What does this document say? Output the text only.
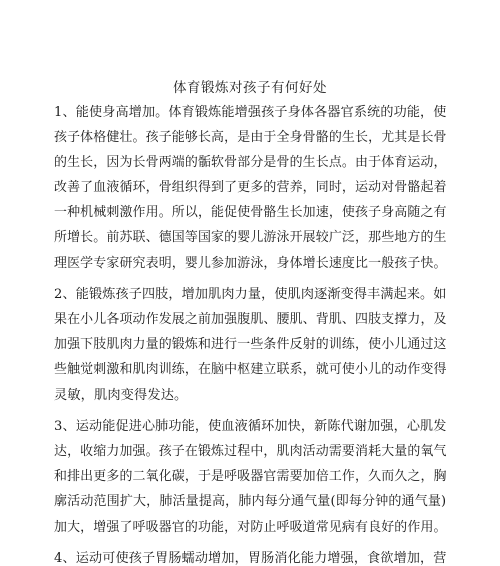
体育锻炼对孩子有何好处
1、能使身高增加。体育锻炼能增强孩子身体各器官系统的功能，使
孩子体格健壮。孩子能够长高，是由于全身骨骼的生长，尤其是长骨
的生长，因为长骨两端的骺软骨部分是骨的生长点。由于体育运动，
改善了血液循环，骨组织得到了更多的营养，同时，运动对骨骼起着
一种机械刺激作用。所以，能促使骨骼生长加速，使孩子身高随之有
所增长。前苏联、德国等国家的婴儿游泳开展较广泛，那些地方的生
理医学专家研究表明，婴儿参加游泳，身体增长速度比一般孩子快。
2、能锻炼孩子四肢，增加肌肉力量，使肌肉逐渐变得丰满起来。如
果在小儿各项动作发展之前加强腹肌、腰肌、背肌、四肢支撑力，及
加强下肢肌肉力量的锻炼和进行一些条件反射的训练，使小儿通过这
些触觉刺激和肌肉训练，在脑中枢建立联系，就可使小儿的动作变得
灵敏，肌肉变得发达。
3、运动能促进心肺功能，使血液循环加快，新陈代谢加强，心肌发
达，收缩力加强。孩子在锻炼过程中，肌肉活动需要消耗大量的氧气
和排出更多的二氧化碳，于是呼吸器官需要加倍工作，久而久之，胸
廓活动范围扩大，肺活量提高，肺内每分通气量(即每分钟的通气量)
加大，增强了呼吸器官的功能，对防止呼吸道常见病有良好的作用。
4、运动可使孩子胃肠蠕动增加，胃肠消化能力增强，食欲增加，营
